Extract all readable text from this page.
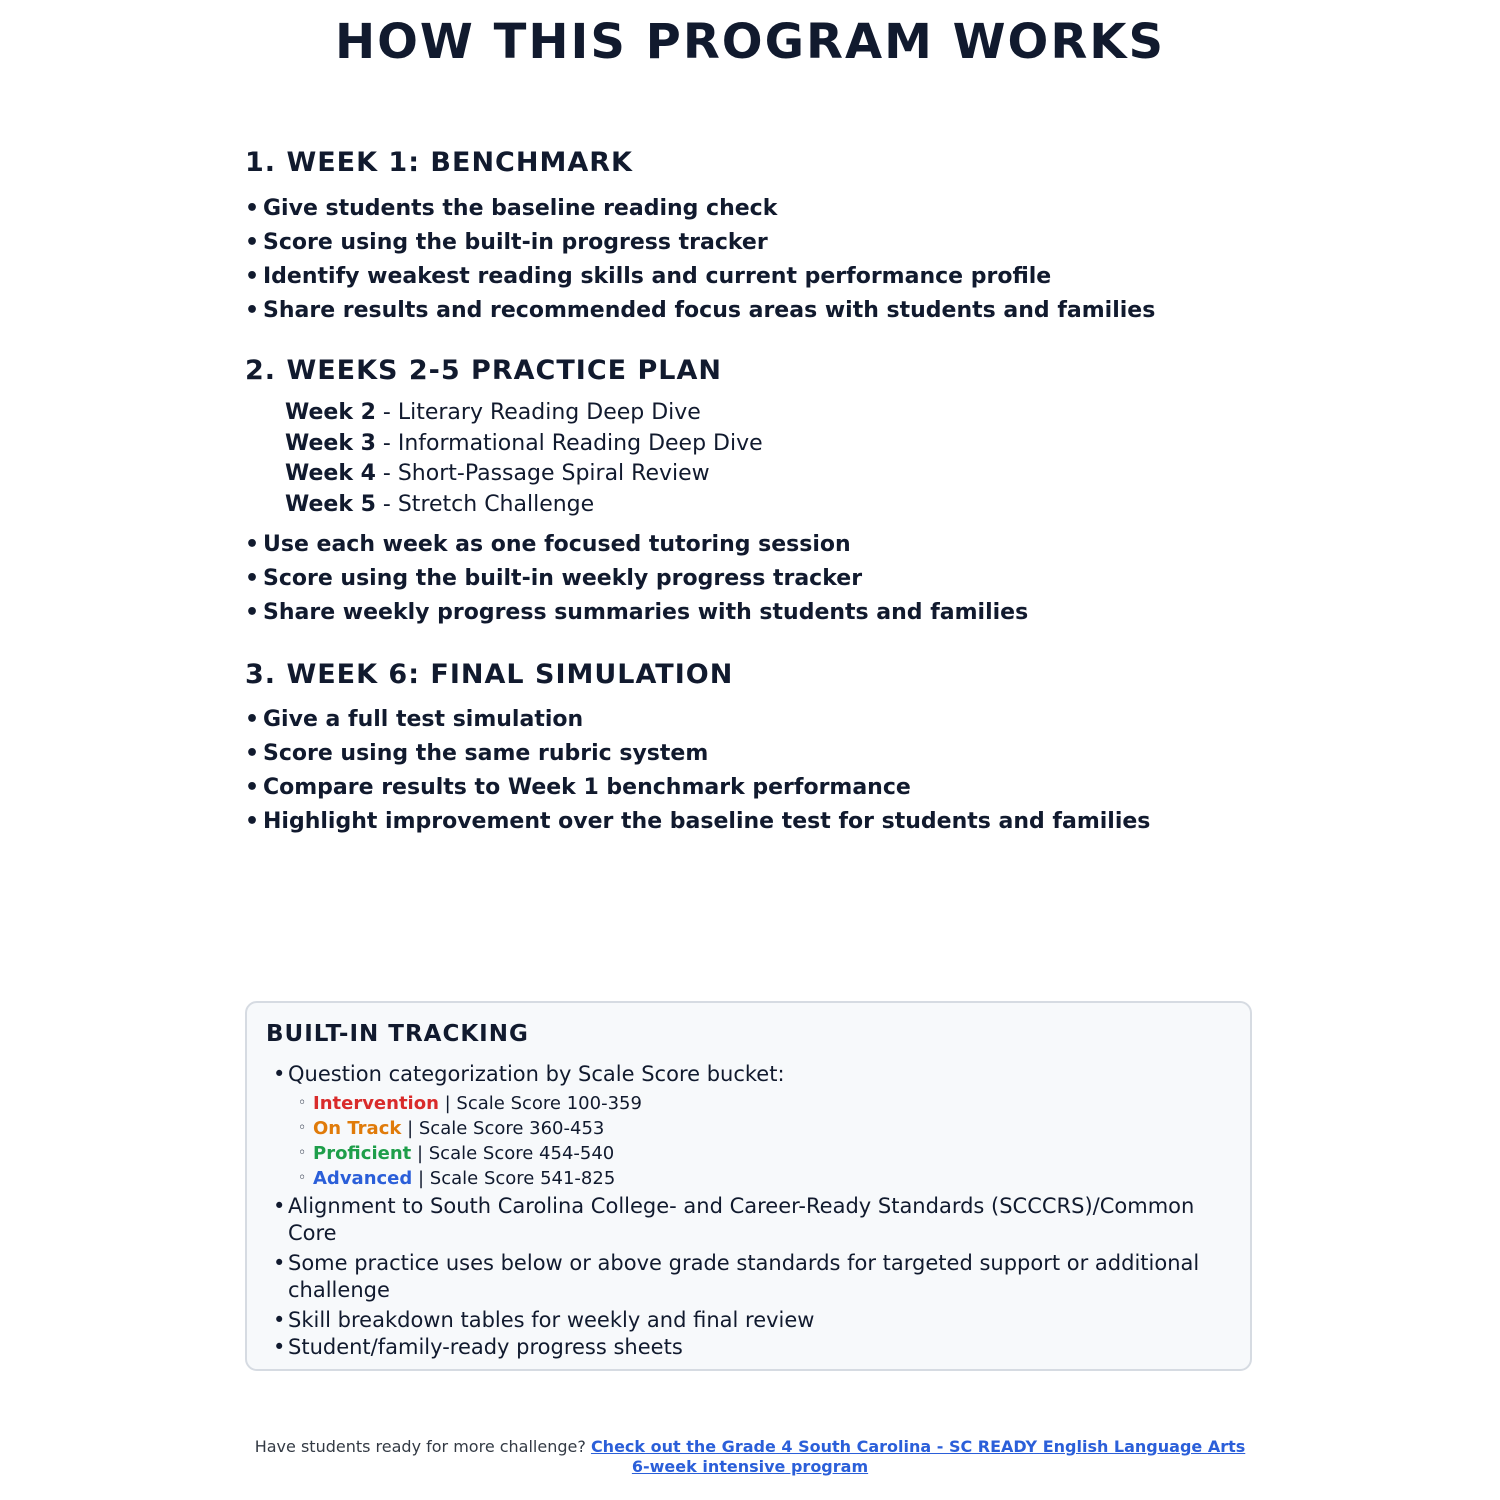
HOW THIS PROGRAM WORKS
1. WEEK 1: BENCHMARK
• Give students the baseline reading check
• Score using the built-in progress tracker
• Identify weakest reading skills and current performance profile
• Share results and recommended focus areas with students and families
2. WEEKS 2-5 PRACTICE PLAN
Week 2 - Literary Reading Deep Dive
Week 3 - Informational Reading Deep Dive
Week 4 - Short-Passage Spiral Review
Week 5 - Stretch Challenge
• Use each week as one focused tutoring session
• Score using the built-in weekly progress tracker
• Share weekly progress summaries with students and families
3. WEEK 6: FINAL SIMULATION
• Give a full test simulation
• Score using the same rubric system
• Compare results to Week 1 benchmark performance
• Highlight improvement over the baseline test for students and families
BUILT-IN TRACKING
• Question categorization by Scale Score bucket:
◦ Intervention | Scale Score 100-359
◦ On Track | Scale Score 360-453
◦ Proficient | Scale Score 454-540
◦ Advanced | Scale Score 541-825
• Alignment to South Carolina College- and Career-Ready Standards (SCCCRS)/Common Core
• Some practice uses below or above grade standards for targeted support or additional challenge
• Skill breakdown tables for weekly and final review
• Student/family-ready progress sheets
Have students ready for more challenge? Check out the Grade 4 South Carolina - SC READY English Language Arts 6-week intensive program
